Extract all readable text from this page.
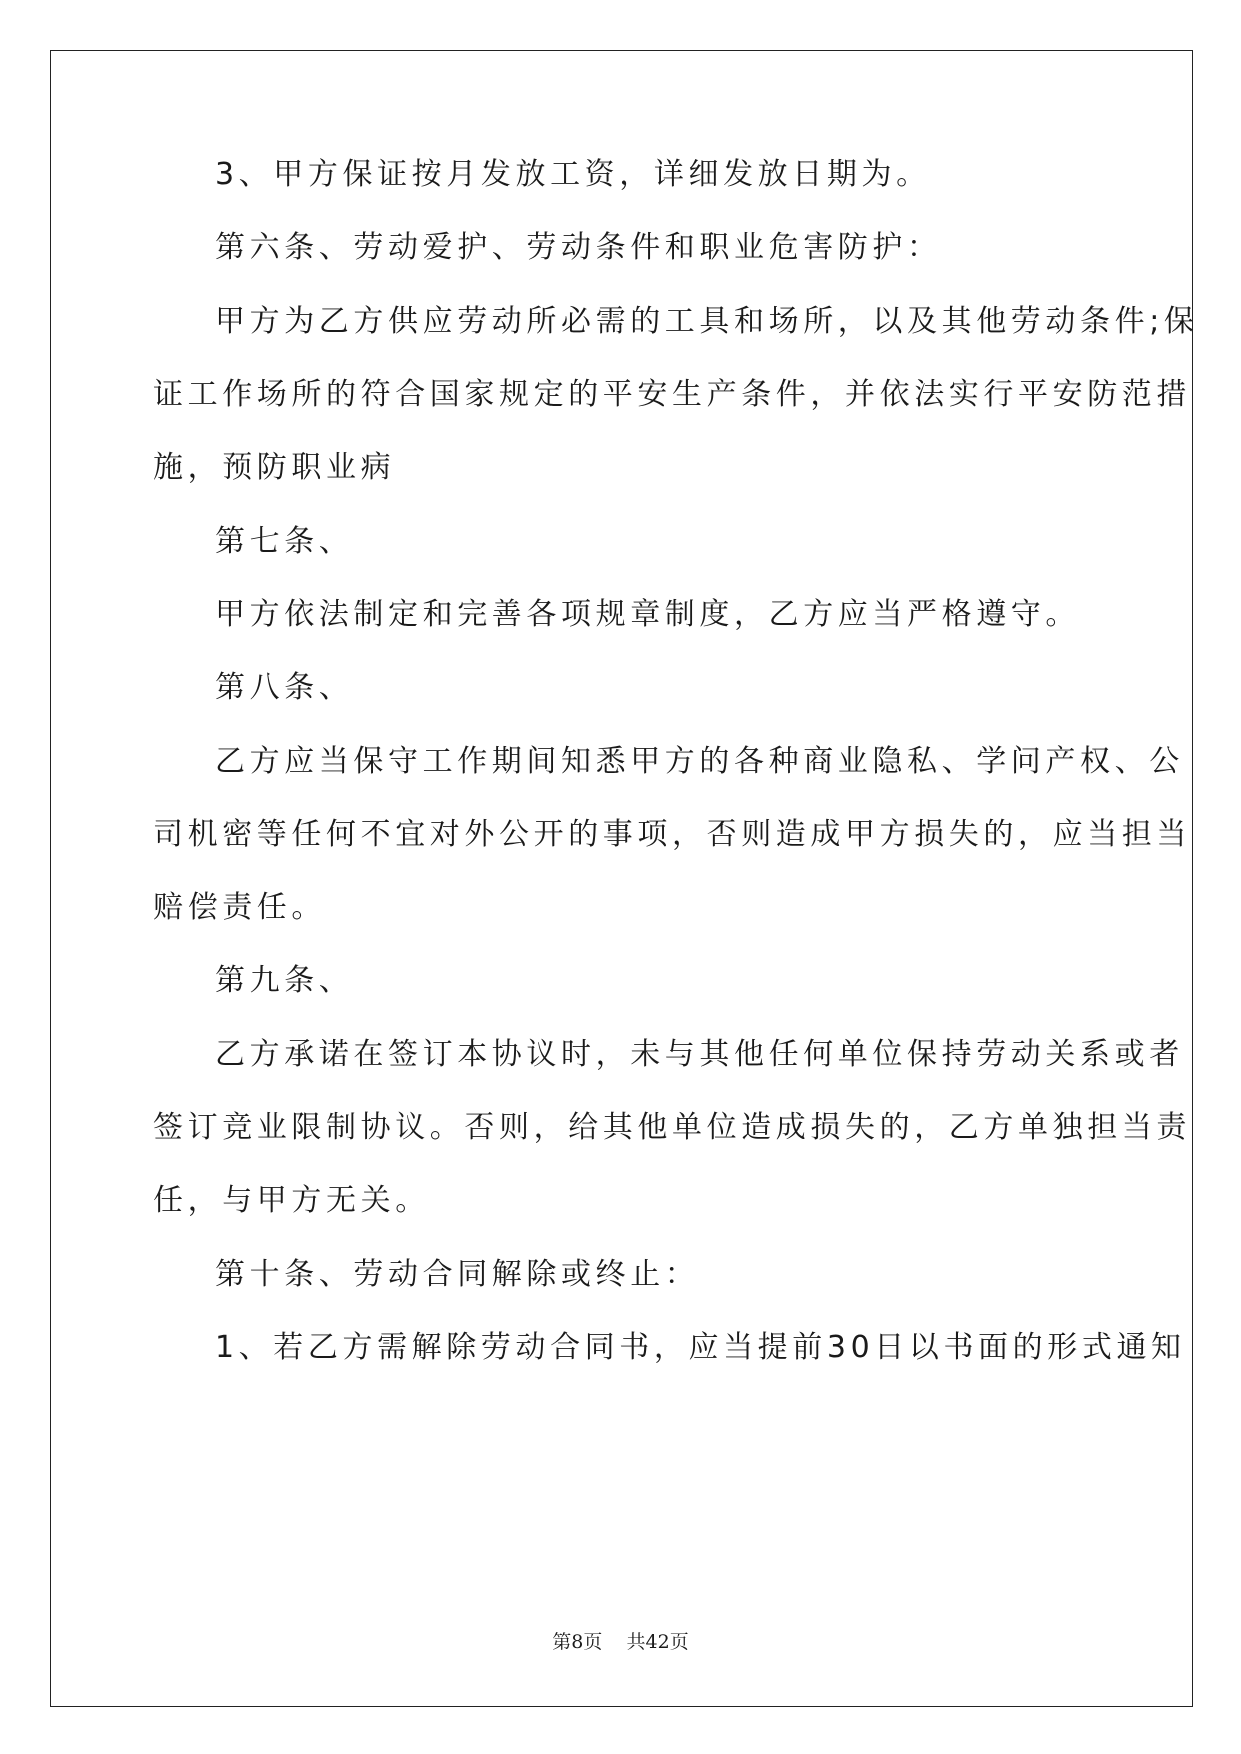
3、甲方保证按月发放工资，详细发放日期为。
第六条、劳动爱护、劳动条件和职业危害防护：
甲方为乙方供应劳动所必需的工具和场所，以及其他劳动条件;保
证工作场所的符合国家规定的平安生产条件，并依法实行平安防范措
施，预防职业病
第七条、
甲方依法制定和完善各项规章制度，乙方应当严格遵守。
第八条、
乙方应当保守工作期间知悉甲方的各种商业隐私、学问产权、公
司机密等任何不宜对外公开的事项，否则造成甲方损失的，应当担当
赔偿责任。
第九条、
乙方承诺在签订本协议时，未与其他任何单位保持劳动关系或者
签订竞业限制协议。否则，给其他单位造成损失的，乙方单独担当责
任，与甲方无关。
第十条、劳动合同解除或终止：
1、若乙方需解除劳动合同书，应当提前30日以书面的形式通知
第8页 共42页
